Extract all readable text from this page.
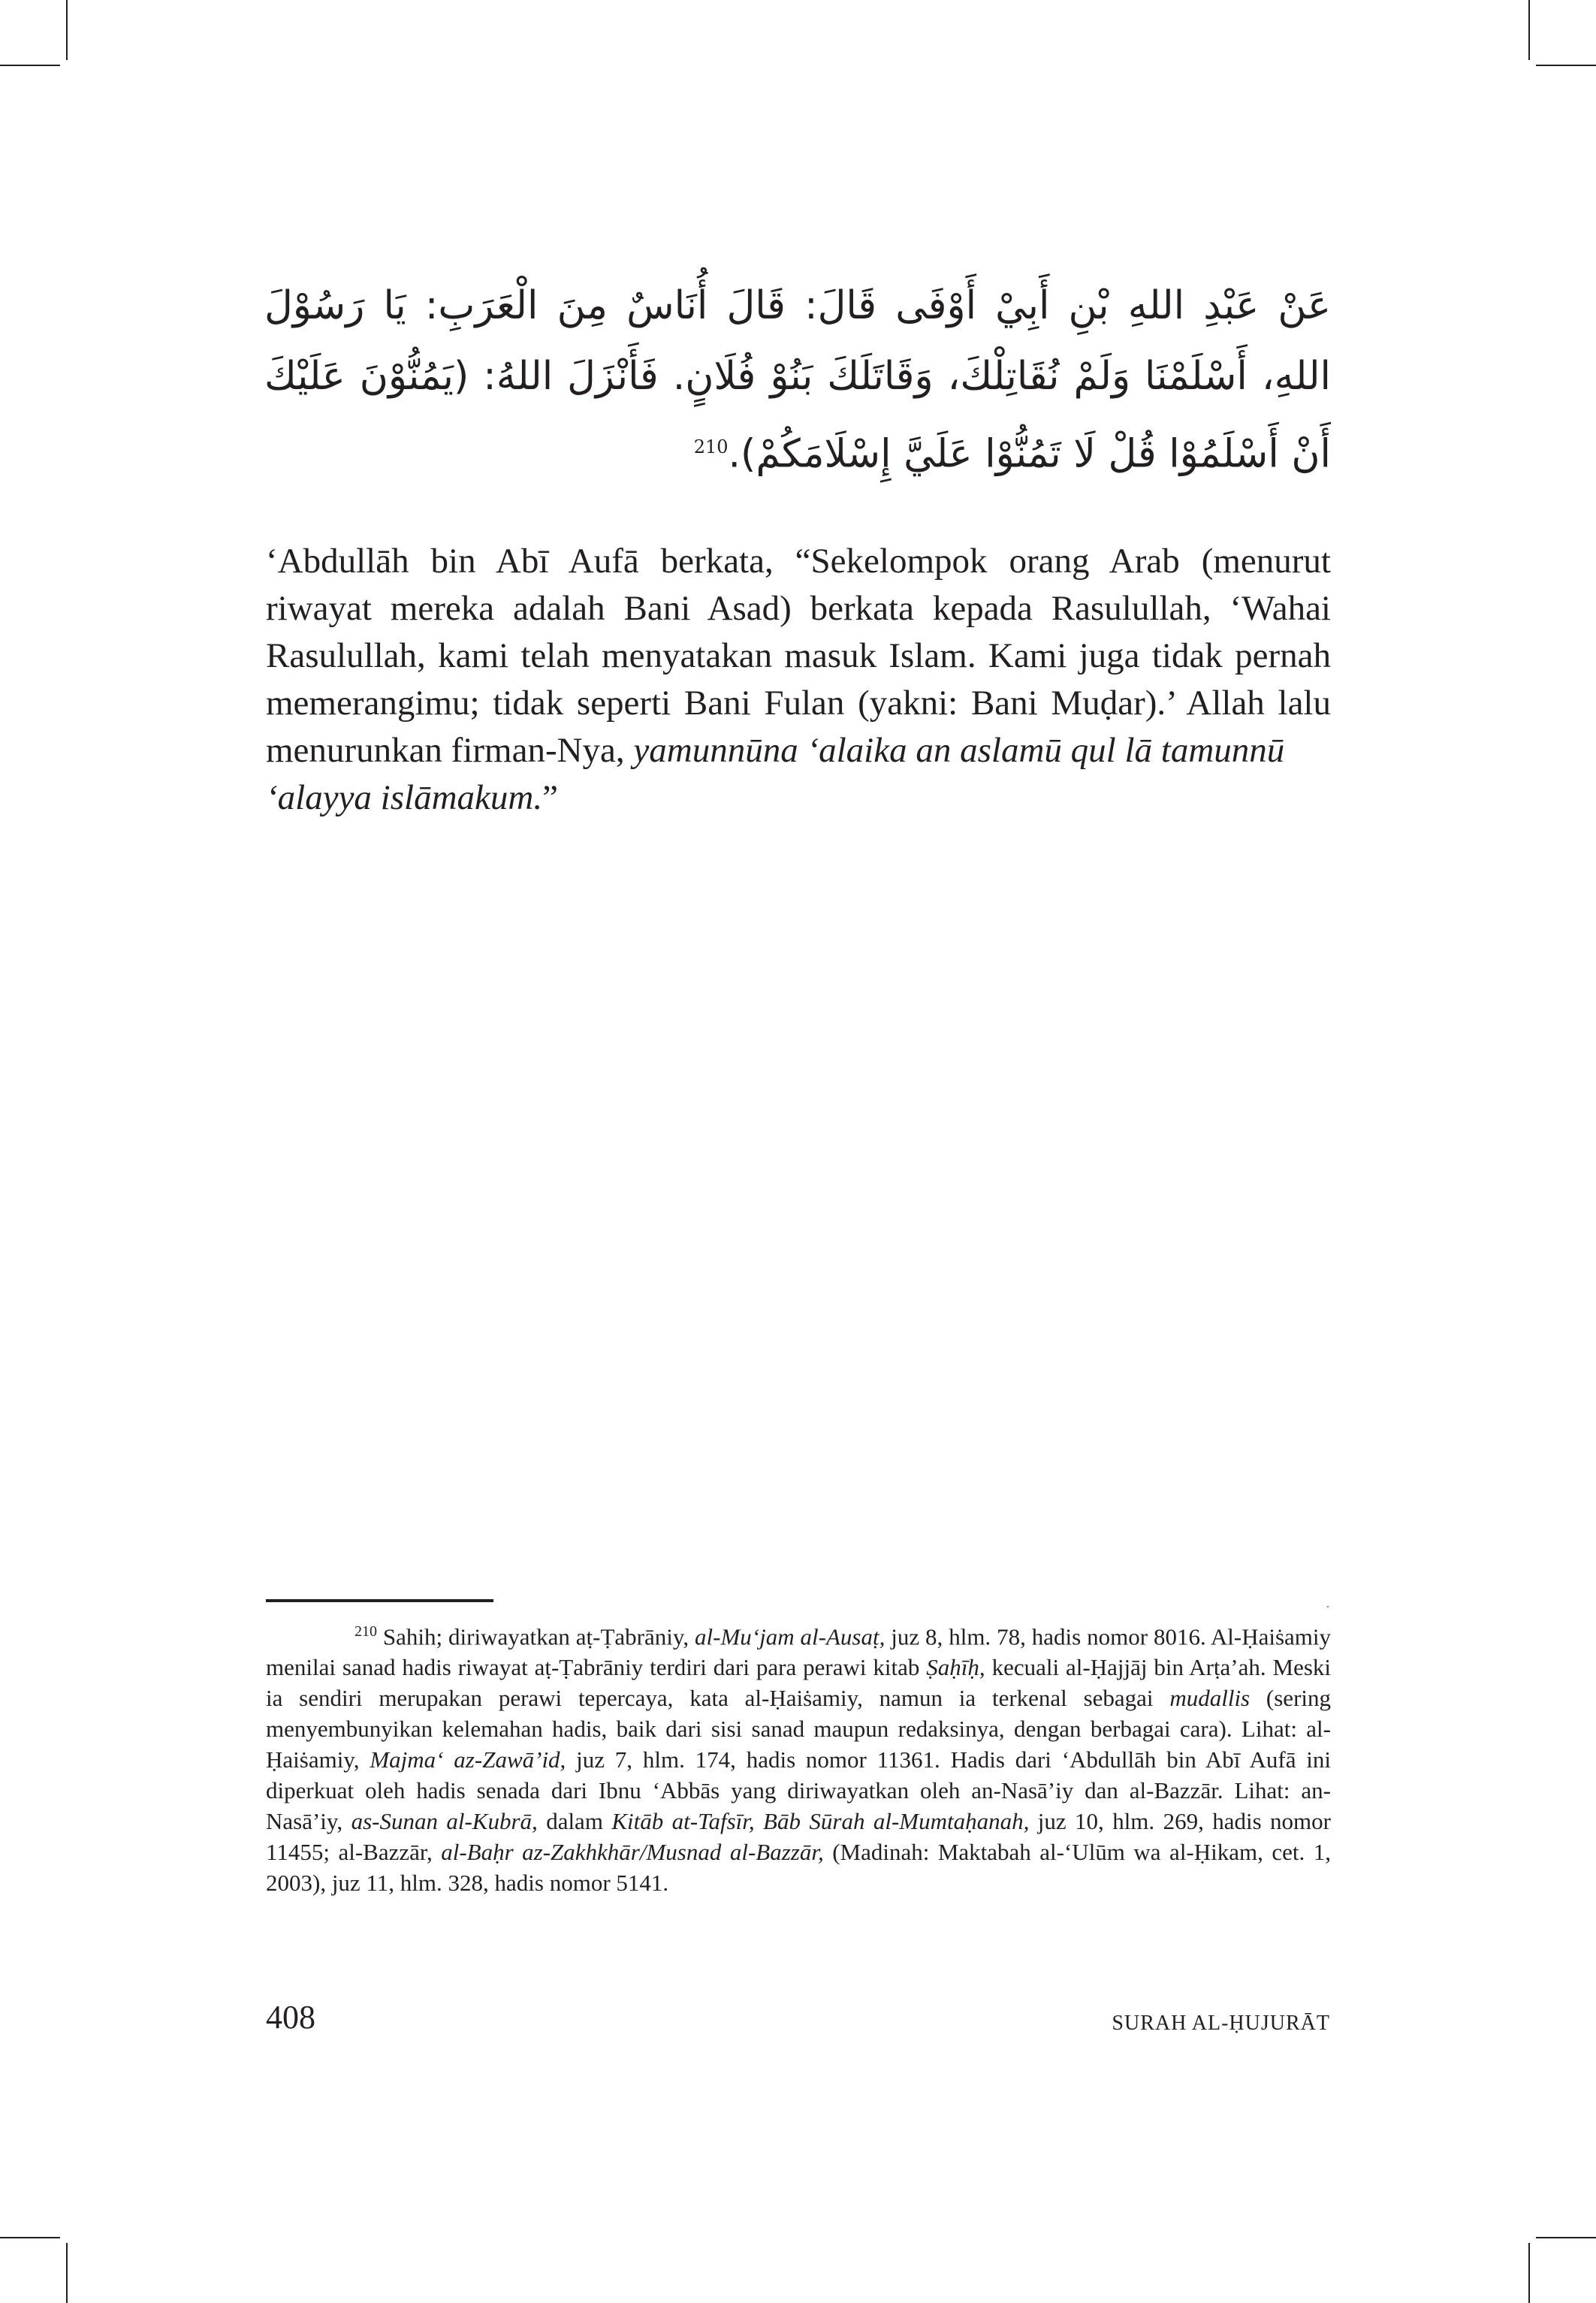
عَنْ عَبْدِ اللهِ بْنِ أَبِيْ أَوْفَى قَالَ: قَالَ أُنَاسٌ مِنَ الْعَرَبِ: يَا رَسُوْلَ اللهِ، أَسْلَمْنَا وَلَمْ نُقَاتِلْكَ، وَقَاتَلَكَ بَنُوْ فُلَانٍ. فَأَنْزَلَ اللهُ: (يَمُنُّوْنَ عَلَيْكَ أَنْ أَسْلَمُوْا قُلْ لَا تَمُنُّوْا عَلَيَّ إِسْلَامَكُمْ).$^{210}$

‘Abdullāh bin Abī Aufā berkata, “Sekelompok orang Arab (menurut riwayat mereka adalah Bani Asad) berkata kepada Rasulullah, ‘Wahai Rasulullah, kami telah menyatakan masuk Islam. Kami juga tidak pernah memerangimu; tidak seperti Bani Fulan (yakni: Bani Muḍar).’ Allah lalu menurunkan firman-Nya, yamunnūna ‘alaika an aslamū qul lā tamunnū
‘alayya islāmakum.”

$^{210}$ Sahih; diriwayatkan aṭ-Ṭabrāniy, al-Mu‘jam al-Ausaṭ, juz 8, hlm. 78, hadis nomor 8016. Al-Ḥaiṡamiy menilai sanad hadis riwayat aṭ-Ṭabrāniy terdiri dari para perawi kitab Ṣaḥīḥ, kecuali al-Ḥajjāj bin Arṭa’ah. Meski ia sendiri merupakan perawi tepercaya, kata al-Ḥaiṡamiy, namun ia terkenal sebagai mudallis (sering menyembunyikan kelemahan hadis, baik dari sisi sanad maupun redaksinya, dengan berbagai cara). Lihat: al-Ḥaiṡamiy, Majma‘ az-Zawā’id, juz 7, hlm. 174, hadis nomor 11361. Hadis dari ‘Abdullāh bin Abī Aufā ini diperkuat oleh hadis senada dari Ibnu ‘Abbās yang diriwayatkan oleh an-Nasā’iy dan al-Bazzār. Lihat: an-Nasā’iy, as-Sunan al-Kubrā, dalam Kitāb at-Tafsīr, Bāb Sūrah al-Mumtaḥanah, juz 10, hlm. 269, hadis nomor 11455; al-Bazzār, al-Baḥr az-Zakhkhār/Musnad al-Bazzār, (Madinah: Maktabah al-‘Ulūm wa al-Ḥikam, cet. 1, 2003), juz 11, hlm. 328, hadis nomor 5141.

408	SURAH AL-ḤUJURĀT
